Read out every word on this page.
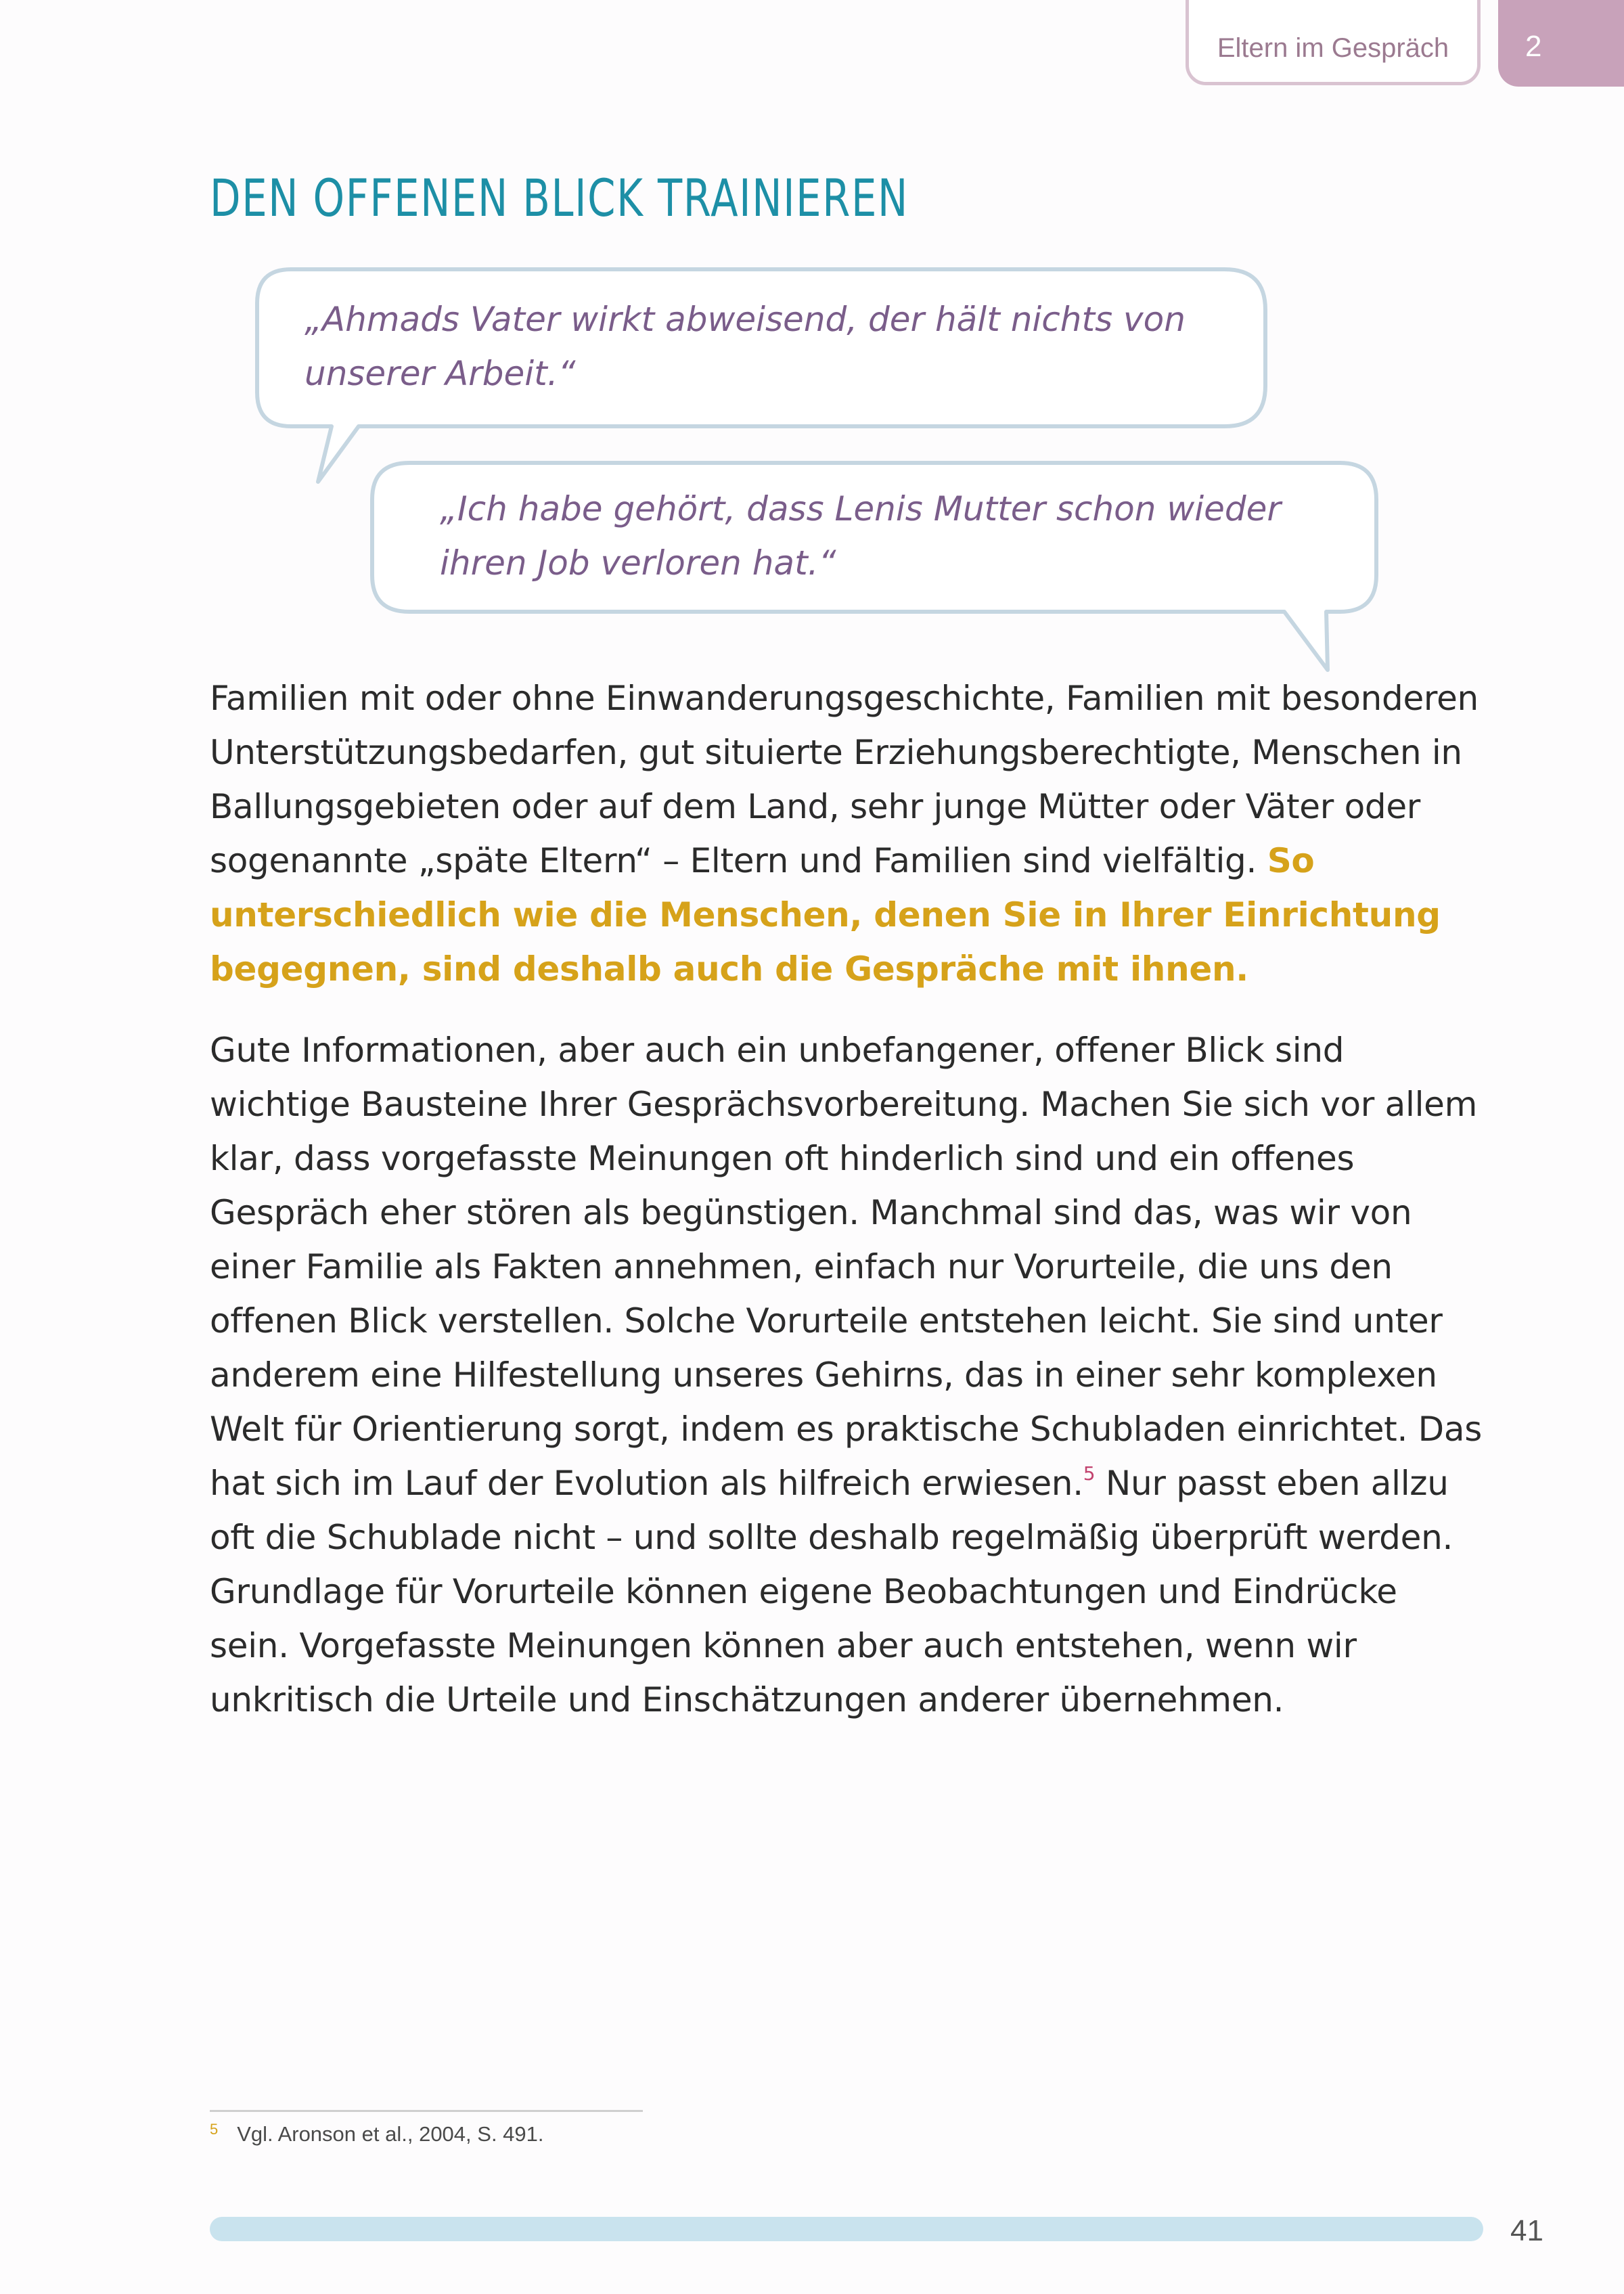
Eltern im Gespräch	2
DEN OFFENEN BLICK TRAINIEREN

„Ahmads Vater wirkt abweisend, der hält nichts von unserer Arbeit.“

„Ich habe gehört, dass Lenis Mutter schon wieder ihren Job verloren hat.“

Familien mit oder ohne Einwanderungsgeschichte, Familien mit besonderen Unterstützungsbedarfen, gut situierte Erziehungsberechtigte, Menschen in Ballungsgebieten oder auf dem Land, sehr junge Mütter oder Väter oder sogenannte „späte Eltern“ – Eltern und Familien sind vielfältig. So unterschiedlich wie die Menschen, denen Sie in Ihrer Einrichtung begegnen, sind deshalb auch die Gespräche mit ihnen.

Gute Informationen, aber auch ein unbefangener, offener Blick sind wichtige Bausteine Ihrer Gesprächsvorbereitung. Machen Sie sich vor allem klar, dass vorgefasste Meinungen oft hinderlich sind und ein offenes Gespräch eher stören als begünstigen. Manchmal sind das, was wir von einer Familie als Fakten annehmen, einfach nur Vorurteile, die uns den offenen Blick verstellen. Solche Vorurteile entstehen leicht. Sie sind unter anderem eine Hilfestellung unseres Gehirns, das in einer sehr komplexen Welt für Orientierung sorgt, indem es praktische Schubladen einrichtet. Das hat sich im Lauf der Evolution als hilfreich erwiesen.$^5$ Nur passt eben allzu oft die Schublade nicht – und sollte deshalb regelmäßig überprüft werden. Grundlage für Vorurteile können eigene Beobachtungen und Eindrücke sein. Vorgefasste Meinungen können aber auch entstehen, wenn wir unkritisch die Urteile und Einschätzungen anderer übernehmen.

$^5$ Vgl. Aronson et al., 2004, S. 491.
41
